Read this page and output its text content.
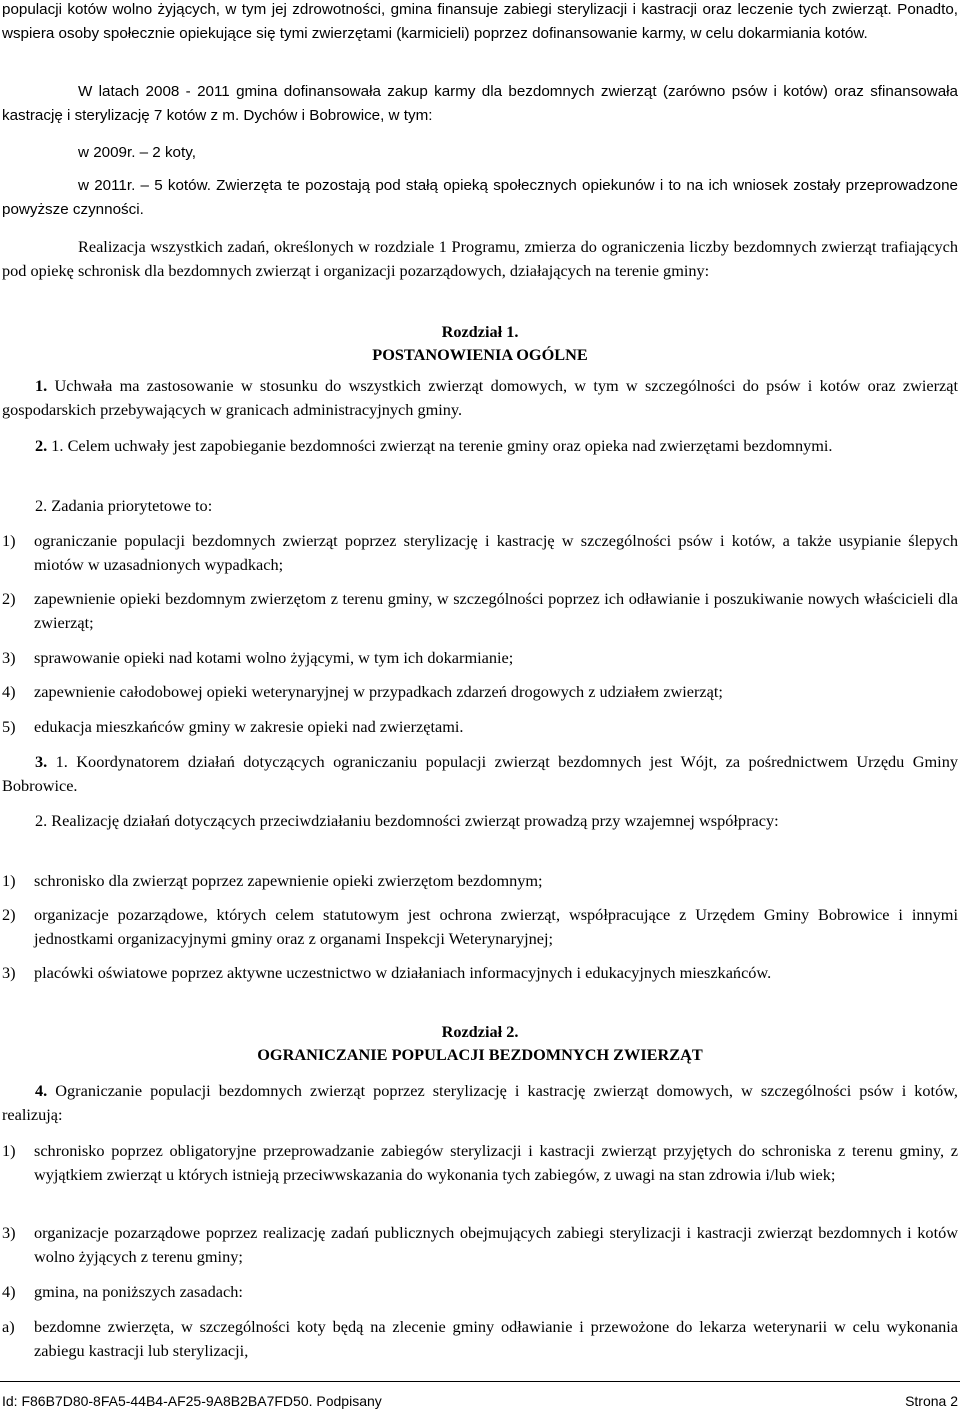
populacji kotów wolno żyjących, w tym jej zdrowotności, gmina finansuje zabiegi sterylizacji i kastracji oraz leczenie tych zwierząt. Ponadto, wspiera osoby społecznie opiekujące się tymi zwierzętami (karmicieli) poprzez dofinansowanie karmy, w celu dokarmiania kotów.

W latach 2008 - 2011 gmina dofinansowała zakup karmy dla bezdomnych zwierząt (zarówno psów i kotów) oraz sfinansowała kastrację i sterylizację 7 kotów z m. Dychów i Bobrowice, w tym:

w 2009r. – 2 koty,

w 2011r. – 5 kotów. Zwierzęta te pozostają pod stałą opieką społecznych opiekunów i to na ich wniosek zostały przeprowadzone powyższe czynności.

Realizacja wszystkich zadań, określonych w rozdziale 1 Programu, zmierza do ograniczenia liczby bezdomnych zwierząt trafiających pod opiekę schronisk dla bezdomnych zwierząt i organizacji pozarządowych, działających na terenie gminy:

Rozdział 1.

POSTANOWIENIA OGÓLNE

1. Uchwała ma zastosowanie w stosunku do wszystkich zwierząt domowych, w tym w szczególności do psów i kotów oraz zwierząt gospodarskich przebywających w granicach administracyjnych gminy.

2. 1. Celem uchwały jest zapobieganie bezdomności zwierząt na terenie gminy oraz opieka nad zwierzętami bezdomnymi.

2. Zadania priorytetowe to:

1) ograniczanie populacji bezdomnych zwierząt poprzez sterylizację i kastrację w szczególności psów i kotów, a także usypianie ślepych miotów w uzasadnionych wypadkach;
2) zapewnienie opieki bezdomnym zwierzętom z terenu gminy, w szczególności poprzez ich odławianie i poszukiwanie nowych właścicieli dla zwierząt;
3) sprawowanie opieki nad kotami wolno żyjącymi, w tym ich dokarmianie;
4) zapewnienie całodobowej opieki weterynaryjnej w przypadkach zdarzeń drogowych z udziałem zwierząt;
5) edukacja mieszkańców gminy w zakresie opieki nad zwierzętami.

3. 1. Koordynatorem działań dotyczących ograniczaniu populacji zwierząt bezdomnych jest Wójt, za pośrednictwem Urzędu Gminy Bobrowice.

2. Realizację działań dotyczących przeciwdziałaniu bezdomności zwierząt prowadzą przy wzajemnej współpracy:

1) schronisko dla zwierząt poprzez zapewnienie opieki zwierzętom bezdomnym;
2) organizacje pozarządowe, których celem statutowym jest ochrona zwierząt, współpracujące z Urzędem Gminy Bobrowice i innymi jednostkami organizacyjnymi gminy oraz z organami Inspekcji Weterynaryjnej;
3) placówki oświatowe poprzez aktywne uczestnictwo w działaniach informacyjnych i edukacyjnych mieszkańców.

Rozdział 2.

OGRANICZANIE POPULACJI BEZDOMNYCH ZWIERZĄT

4. Ograniczanie populacji bezdomnych zwierząt poprzez sterylizację i kastrację zwierząt domowych, w szczególności psów i kotów, realizują:

1) schronisko poprzez obligatoryjne przeprowadzanie zabiegów sterylizacji i kastracji zwierząt przyjętych do schroniska z terenu gminy, z wyjątkiem zwierząt u których istnieją przeciwwskazania do wykonania tych zabiegów, z uwagi na stan zdrowia i/lub wiek;
3) organizacje pozarządowe poprzez realizację zadań publicznych obejmujących zabiegi sterylizacji i kastracji zwierząt bezdomnych i kotów wolno żyjących z terenu gminy;
4) gmina, na poniższych zasadach:
a) bezdomne zwierzęta, w szczególności koty będą na zlecenie gminy odławianie i przewożone do lekarza weterynarii w celu wykonania zabiegu kastracji lub sterylizacji,
Id: F86B7D80-8FA5-44B4-AF25-9A8B2BA7FD50. Podpisany	Strona 2
